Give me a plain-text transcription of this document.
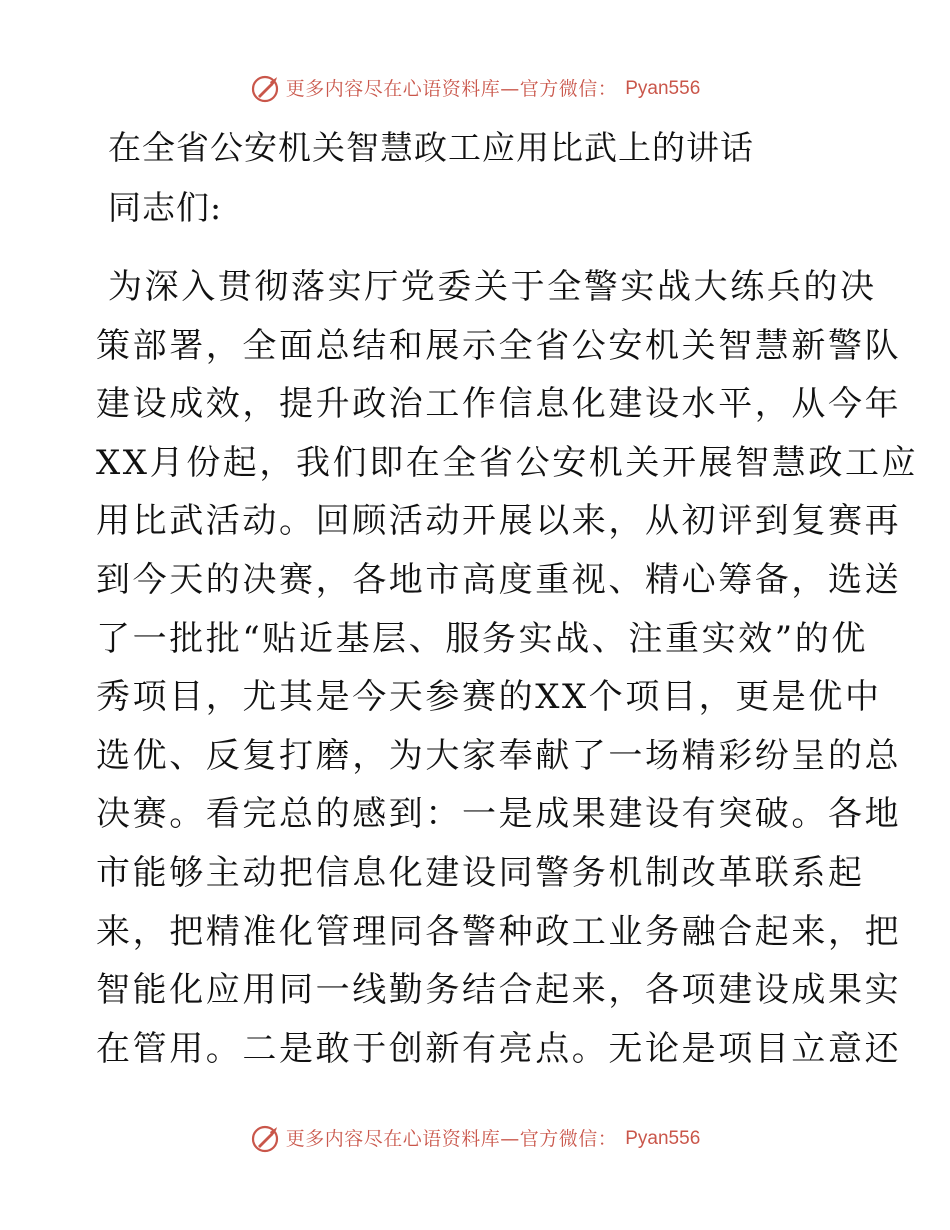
更多内容尽在心语资料库—官方微信： Pyan556
在全省公安机关智慧政工应用比武上的讲话
同志们:
为深入贯彻落实厅党委关于全警实战大练兵的决
策部署，全面总结和展示全省公安机关智慧新警队
建设成效，提升政治工作信息化建设水平，从今年
XX月份起，我们即在全省公安机关开展智慧政工应
用比武活动。回顾活动开展以来，从初评到复赛再
到今天的决赛，各地市高度重视、精心筹备，选送
了一批批“贴近基层、服务实战、注重实效”的优
秀项目，尤其是今天参赛的XX个项目，更是优中
选优、反复打磨，为大家奉献了一场精彩纷呈的总
决赛。看完总的感到：一是成果建设有突破。各地
市能够主动把信息化建设同警务机制改革联系起
来，把精准化管理同各警种政工业务融合起来，把
智能化应用同一线勤务结合起来，各项建设成果实
在管用。二是敢于创新有亮点。无论是项目立意还
更多内容尽在心语资料库—官方微信： Pyan556
